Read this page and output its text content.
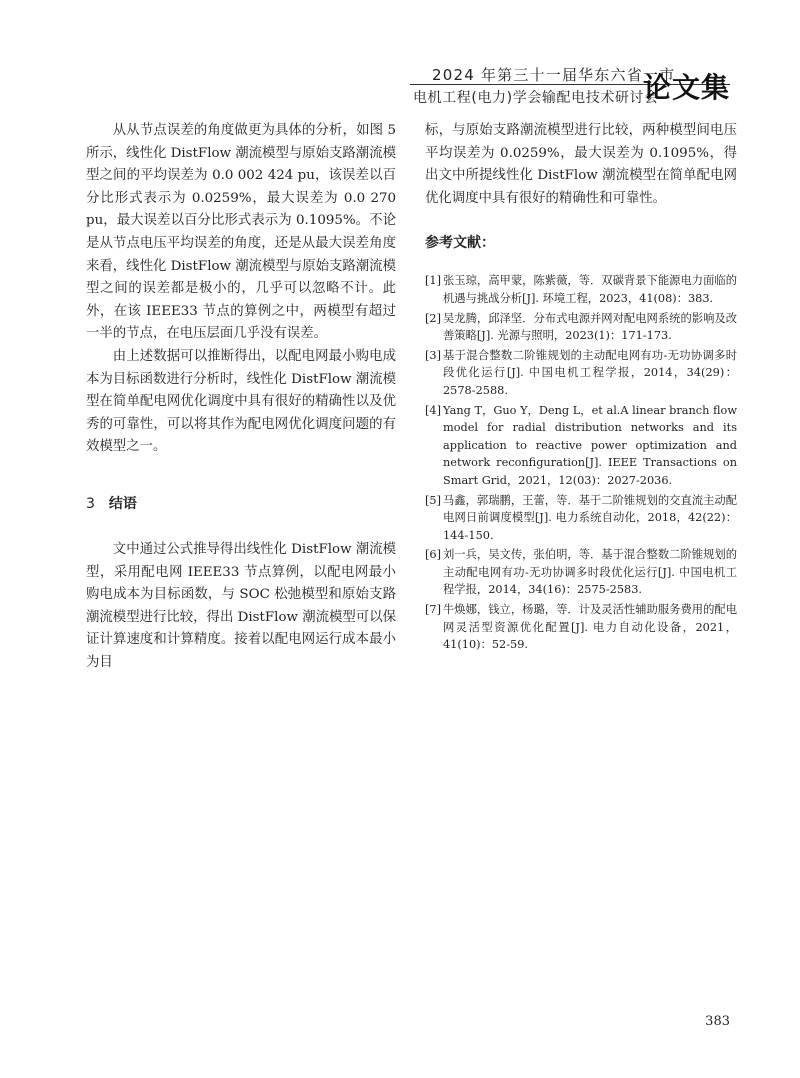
2024 年第三十一届华东六省一市
电机工程(电力)学会输配电技术研讨会
论文集

从从节点误差的角度做更为具体的分析，如图 5 所示，线性化 DistFlow 潮流模型与原始支路潮流模型之间的平均误差为 0.0 002 424 pu，该误差以百分比形式表示为 0.0259%，最大误差为 0.0 270 pu，最大误差以百分比形式表示为 0.1095%。不论是从节点电压平均误差的角度，还是从最大误差角度来看，线性化 DistFlow 潮流模型与原始支路潮流模型之间的误差都是极小的，几乎可以忽略不计。此外，在该 IEEE33 节点的算例之中，两模型有超过一半的节点，在电压层面几乎没有误差。

由上述数据可以推断得出，以配电网最小购电成本为目标函数进行分析时，线性化 DistFlow 潮流模型在简单配电网优化调度中具有很好的精确性以及优秀的可靠性，可以将其作为配电网优化调度问题的有效模型之一。

3 结语

文中通过公式推导得出线性化 DistFlow 潮流模型，采用配电网 IEEE33 节点算例，以配电网最小购电成本为目标函数，与 SOC 松弛模型和原始支路潮流模型进行比较，得出 DistFlow 潮流模型可以保证计算速度和计算精度。接着以配电网运行成本最小为目

标，与原始支路潮流模型进行比较，两种模型间电压平均误差为 0.0259%，最大误差为 0.1095%，得出文中所提线性化 DistFlow 潮流模型在简单配电网优化调度中具有很好的精确性和可靠性。

参考文献：
[1] 张玉琼，高甲蒙，陈紫薇，等．双碳背景下能源电力面临的机遇与挑战分析[J]. 环境工程，2023，41(08)：383.
[2] 吴龙腾，邱泽坚．分布式电源并网对配电网系统的影响及改善策略[J]. 光源与照明，2023(1)：171-173.
[3] 基于混合整数二阶锥规划的主动配电网有功-无功协调多时段优化运行[J]. 中国电机工程学报，2014，34(29)：2578-2588.
[4] Yang T，Guo Y，Deng L，et al.A linear branch flow model for radial distribution networks and its application to reactive power optimization and network reconfiguration[J]. IEEE Transactions on Smart Grid，2021，12(03)：2027-2036.
[5] 马鑫，郭瑞鹏，王蕾，等．基于二阶锥规划的交直流主动配电网日前调度模型[J]. 电力系统自动化，2018，42(22)：144-150.
[6] 刘一兵，吴文传，张伯明，等．基于混合整数二阶锥规划的主动配电网有功-无功协调多时段优化运行[J]. 中国电机工程学报，2014，34(16)：2575-2583.
[7] 牛焕娜，钱立，杨璐，等．计及灵活性辅助服务费用的配电网灵活型资源优化配置[J]. 电力自动化设备，2021，41(10)：52-59.
383
